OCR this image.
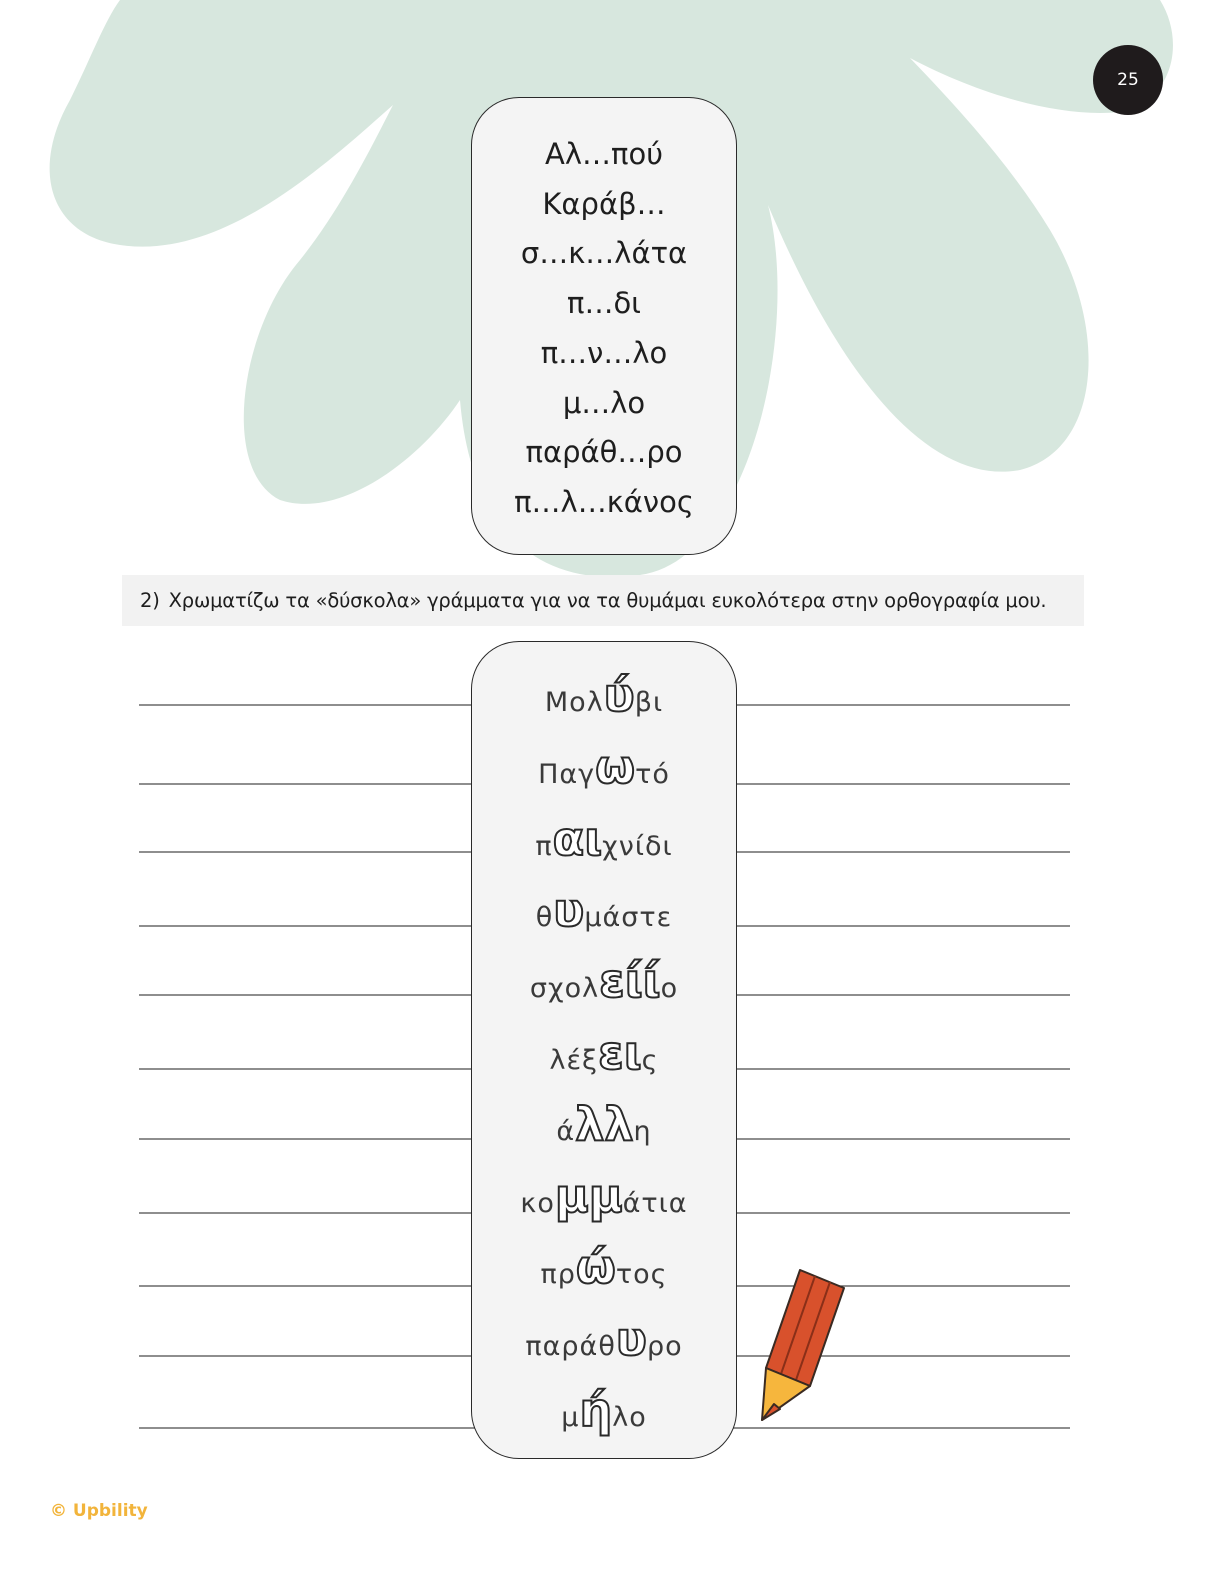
25
Αλ…πού
Καράβ…
σ…κ…λάτα
π…δι
π…ν…λο
μ…λο
παράθ…ρο
π…λ…κάνος
2) Χρωματίζω τα «δύσκολα» γράμματα για να τα θυμάμαι ευκολότερα στην ορθογραφία μου.
Μολύβι
Παγωτό
παιχνίδι
θυμάστε
σχολείίο
λέξεις
άλλη
κομμάτια
πρώτος
παράθυρο
μήλο
© Upbility
